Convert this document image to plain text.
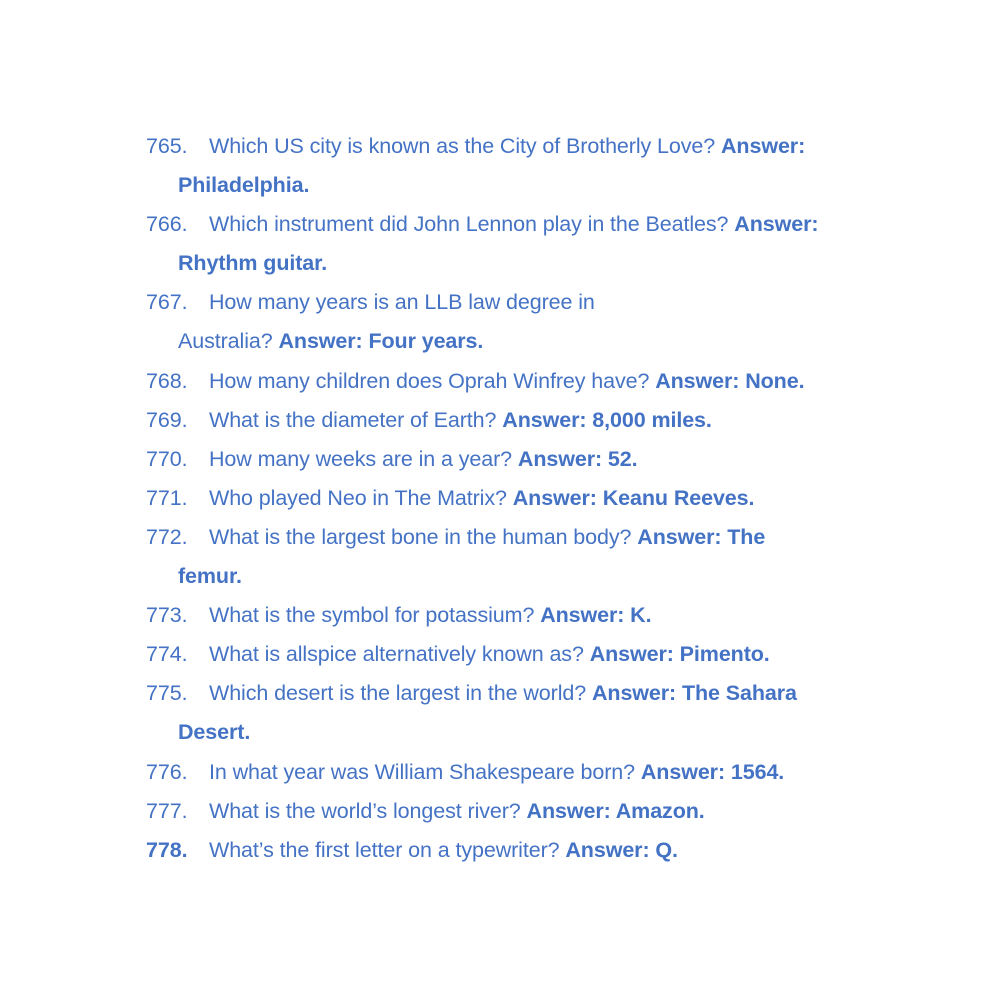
765.	Which US city is known as the City of Brotherly Love? Answer:
Philadelphia.
766.	Which instrument did John Lennon play in the Beatles? Answer:
Rhythm guitar.
767.	How many years is an LLB law degree in
Australia? Answer: Four years.
768.	How many children does Oprah Winfrey have? Answer: None.
769.	What is the diameter of Earth? Answer: 8,000 miles.
770.	How many weeks are in a year? Answer: 52.
771.	Who played Neo in The Matrix? Answer: Keanu Reeves.
772.	What is the largest bone in the human body? Answer: The
femur.
773.	What is the symbol for potassium? Answer: K.
774.	What is allspice alternatively known as? Answer: Pimento.
775.	Which desert is the largest in the world? Answer: The Sahara
Desert.
776.	In what year was William Shakespeare born? Answer: 1564.
777.	What is the world’s longest river? Answer: Amazon.
778.	What’s the first letter on a typewriter? Answer: Q.
